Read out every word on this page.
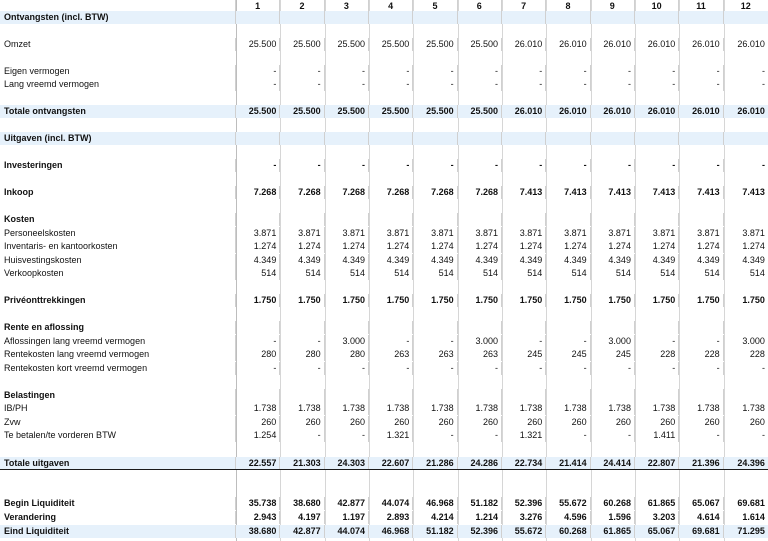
1	2	3	4	5	6	7	8	9	10	11	12
Ontvangsten (incl. BTW)
Omzet	25.500	25.500	25.500	25.500	25.500	25.500	26.010	26.010	26.010	26.010	26.010	26.010
Eigen vermogen	-	-	-	-	-	-	-	-	-	-	-	-
Lang vreemd vermogen	-	-	-	-	-	-	-	-	-	-	-	-
Totale ontvangsten	25.500	25.500	25.500	25.500	25.500	25.500	26.010	26.010	26.010	26.010	26.010	26.010
Uitgaven (incl. BTW)
Investeringen	-	-	-	-	-	-	-	-	-	-	-	-
Inkoop	7.268	7.268	7.268	7.268	7.268	7.268	7.413	7.413	7.413	7.413	7.413	7.413
Kosten
Personeelskosten	3.871	3.871	3.871	3.871	3.871	3.871	3.871	3.871	3.871	3.871	3.871	3.871
Inventaris- en kantoorkosten	1.274	1.274	1.274	1.274	1.274	1.274	1.274	1.274	1.274	1.274	1.274	1.274
Huisvestingskosten	4.349	4.349	4.349	4.349	4.349	4.349	4.349	4.349	4.349	4.349	4.349	4.349
Verkoopkosten	514	514	514	514	514	514	514	514	514	514	514	514
Privéonttrekkingen	1.750	1.750	1.750	1.750	1.750	1.750	1.750	1.750	1.750	1.750	1.750	1.750
Rente en aflossing
Aflossingen lang vreemd vermogen	-	-	3.000	-	-	3.000	-	-	3.000	-	-	3.000
Rentekosten lang vreemd vermogen	280	280	280	263	263	263	245	245	245	228	228	228
Rentekosten kort vreemd vermogen	-	-	-	-	-	-	-	-	-	-	-	-
Belastingen
IB/PH	1.738	1.738	1.738	1.738	1.738	1.738	1.738	1.738	1.738	1.738	1.738	1.738
Zvw	260	260	260	260	260	260	260	260	260	260	260	260
Te betalen/te vorderen BTW	1.254	-	-	1.321	-	-	1.321	-	-	1.411	-	-
Totale uitgaven	22.557	21.303	24.303	22.607	21.286	24.286	22.734	21.414	24.414	22.807	21.396	24.396
Begin Liquiditeit	35.738	38.680	42.877	44.074	46.968	51.182	52.396	55.672	60.268	61.865	65.067	69.681
Verandering	2.943	4.197	1.197	2.893	4.214	1.214	3.276	4.596	1.596	3.203	4.614	1.614
Eind Liquiditeit	38.680	42.877	44.074	46.968	51.182	52.396	55.672	60.268	61.865	65.067	69.681	71.295
